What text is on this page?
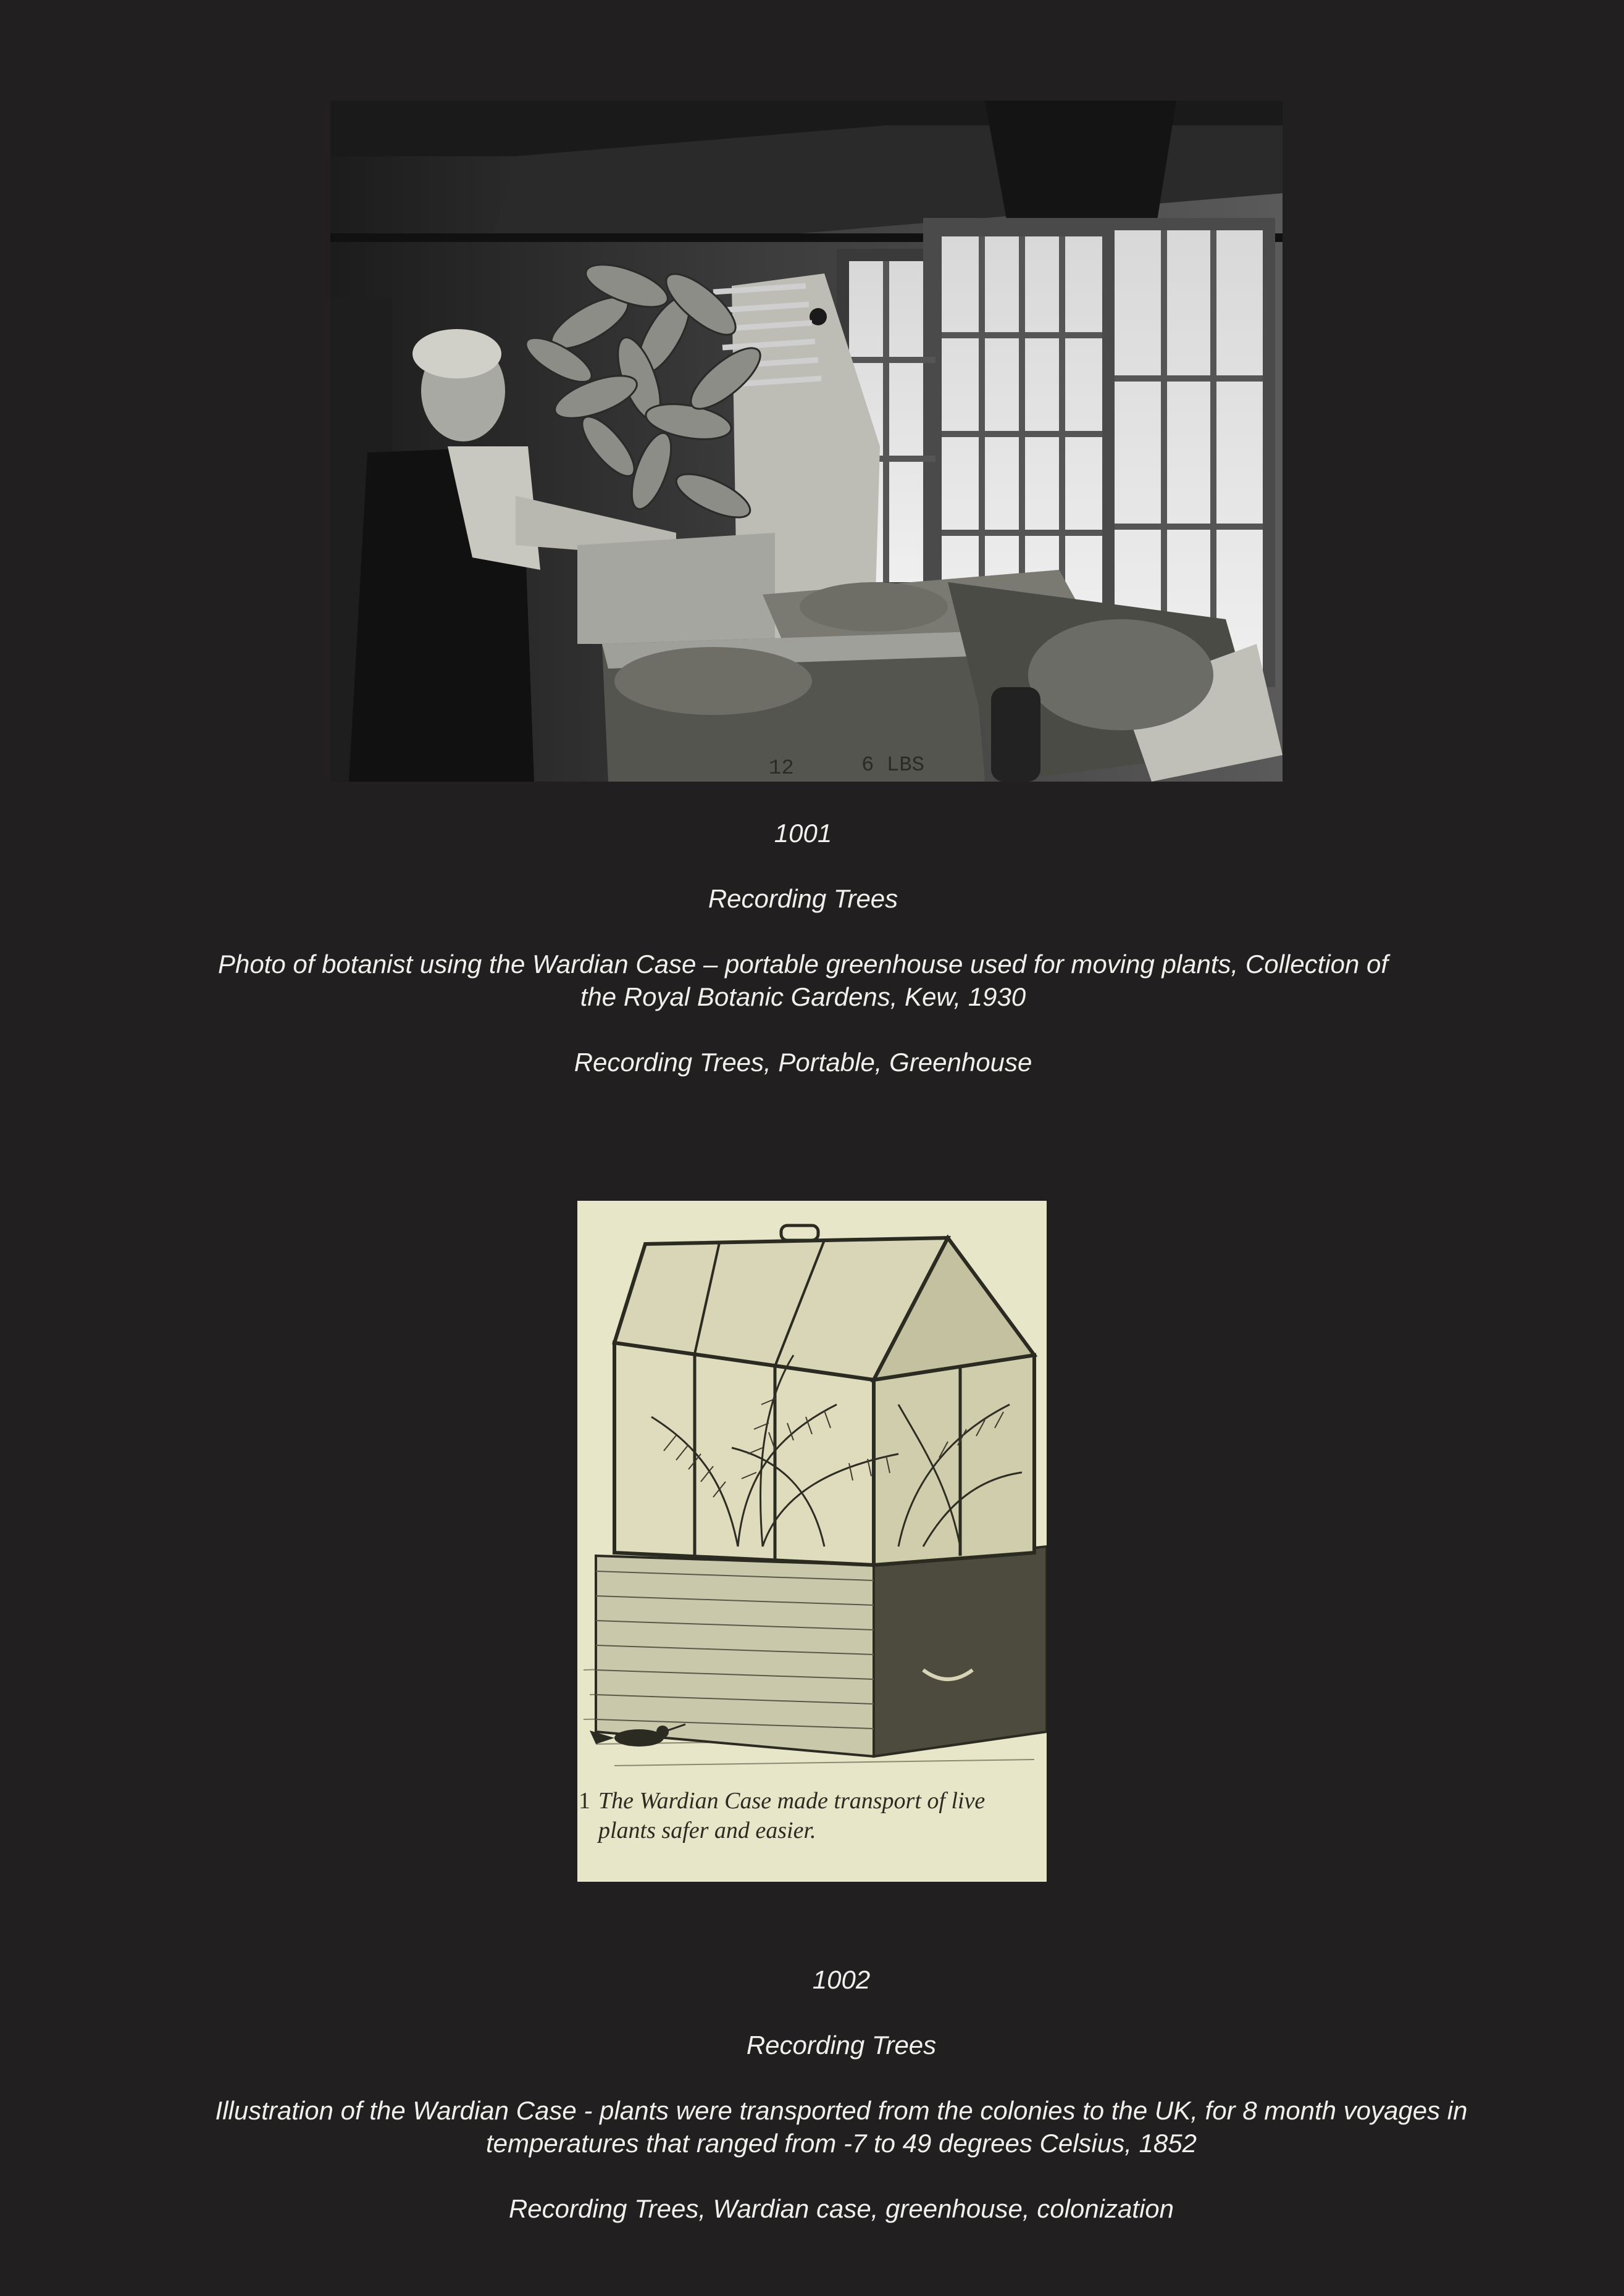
12	6 LBS
1001
Recording Trees
Photo of botanist using the Wardian Case – portable greenhouse used for moving plants, Collection of
the Royal Botanic Gardens, Kew, 1930
Recording Trees, Portable, Greenhouse
1 The Wardian Case made transport of live
plants safer and easier.
1002
Recording Trees
Illustration of the Wardian Case - plants were transported from the colonies to the UK, for 8 month voyages in
temperatures that ranged from -7 to 49 degrees Celsius, 1852
Recording Trees, Wardian case, greenhouse, colonization
